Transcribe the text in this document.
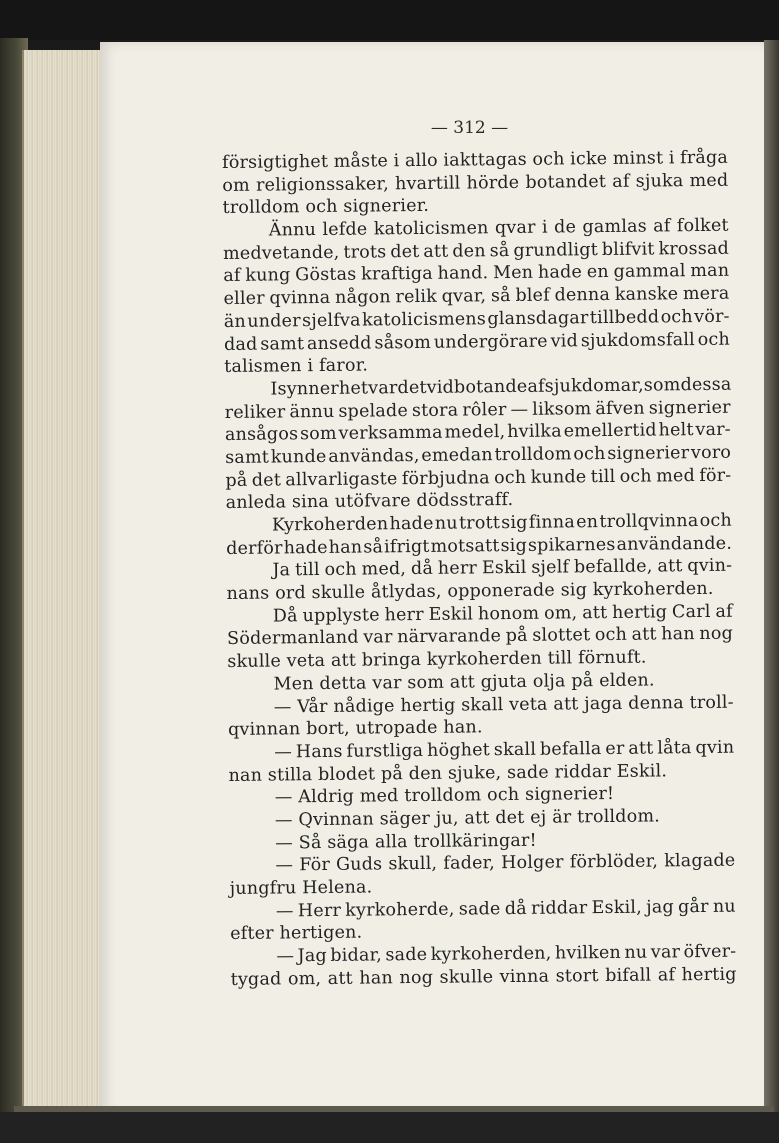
— 312 —
försigtighet måste i allo iakttagas och icke minst i fråga
om religionssaker, hvartill hörde botandet af sjuka med
trolldom och signerier.
Ännu lefde katolicismen qvar i de gamlas af folket
medvetande, trots det att den så grundligt blifvit krossad
af kung Göstas kraftiga hand. Men hade en gammal man
eller qvinna någon relik qvar, så blef denna kanske mera
än under sjelfva katolicismens glansdagar tillbedd och vör-
dad samt ansedd såsom undergörare vid sjukdomsfall och
talismen i faror.
I synnerhet var det vid botande af sjukdomar, som dessa
reliker ännu spelade stora rôler — liksom äfven signerier
ansågos som verksamma medel, hvilka emellertid helt var-
samt kunde användas, emedan trolldom och signerier voro
på det allvarligaste förbjudna och kunde till och med för-
anleda sina utöfvare dödsstraff.
Kyrkoherden hade nu trott sig finna en trollqvinna och
derför hade han så ifrigt motsatt sig spikarnes användande.
Ja till och med, då herr Eskil sjelf befallde, att qvin-
nans ord skulle åtlydas, opponerade sig kyrkoherden.
Då upplyste herr Eskil honom om, att hertig Carl af
Södermanland var närvarande på slottet och att han nog
skulle veta att bringa kyrkoherden till förnuft.
Men detta var som att gjuta olja på elden.
— Vår nådige hertig skall veta att jaga denna troll-
qvinnan bort, utropade han.
— Hans furstliga höghet skall befalla er att låta qvin
nan stilla blodet på den sjuke, sade riddar Eskil.
— Aldrig med trolldom och signerier!
— Qvinnan säger ju, att det ej är trolldom.
— Så säga alla trollkäringar!
— För Guds skull, fader, Holger förblöder, klagade
jungfru Helena.
— Herr kyrkoherde, sade då riddar Eskil, jag går nu
efter hertigen.
— Jag bidar, sade kyrkoherden, hvilken nu var öfver-
tygad om, att han nog skulle vinna stort bifall af hertig
